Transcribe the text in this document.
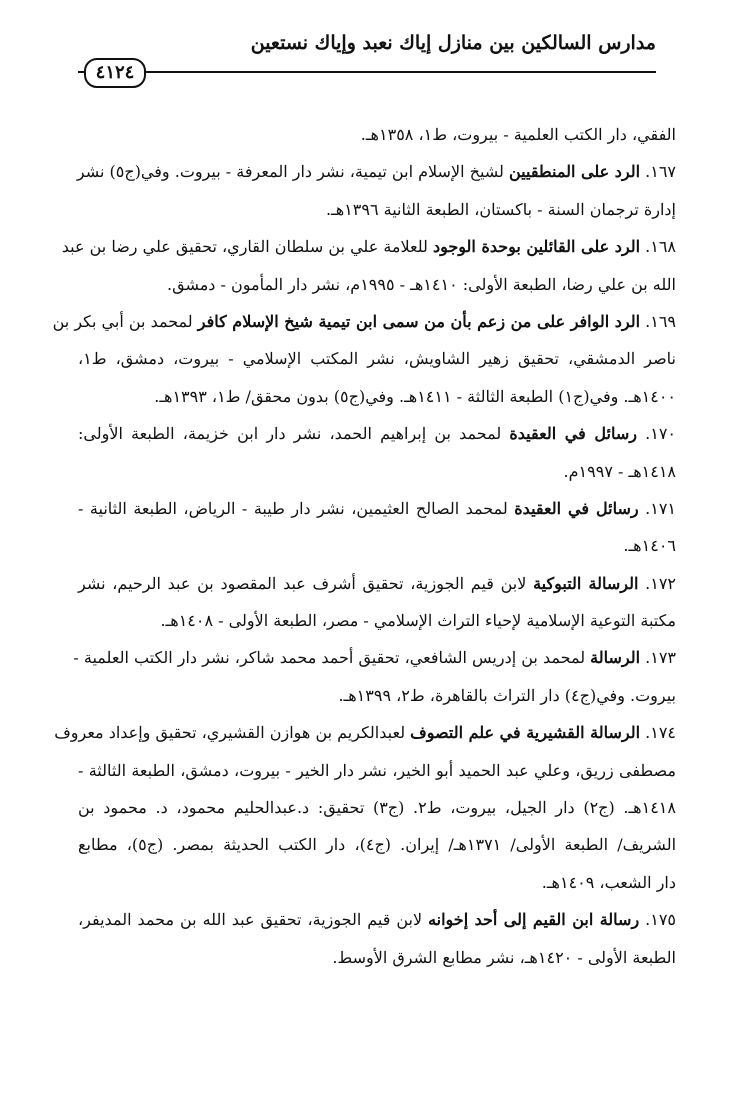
مدارس السالكين بين منازل إياك نعبد وإياك نستعين
٤١٢٤
الفقي، دار الكتب العلمية - بيروت، ط١، ١٣٥٨هـ.
١٦٧. الرد على المنطقيين لشيخ الإسلام ابن تيمية، نشر دار المعرفة - بيروت. وفي(ج٥) نشر
إدارة ترجمان السنة - باكستان، الطبعة الثانية ١٣٩٦هـ.
١٦٨. الرد على القائلين بوحدة الوجود للعلامة علي بن سلطان القاري، تحقيق علي رضا بن عبد
الله بن علي رضا، الطبعة الأولى: ١٤١٠هـ - ١٩٩٥م، نشر دار المأمون - دمشق.
١٦٩. الرد الوافر على من زعم بأن من سمى ابن تيمية شيخ الإسلام كافر لمحمد بن أبي بكر بن
ناصر الدمشقي، تحقيق زهير الشاويش، نشر المكتب الإسلامي - بيروت، دمشق، ط١،
١٤٠٠هـ. وفي(ج١) الطبعة الثالثة - ١٤١١هـ. وفي(ج٥) بدون محقق/ ط١، ١٣٩٣هـ.
١٧٠. رسائل في العقيدة لمحمد بن إبراهيم الحمد، نشر دار ابن خزيمة، الطبعة الأولى:
١٤١٨هـ - ١٩٩٧م.
١٧١. رسائل في العقيدة لمحمد الصالح العثيمين، نشر دار طيبة - الرياض، الطبعة الثانية -
١٤٠٦هـ.
١٧٢. الرسالة التبوكية لابن قيم الجوزية، تحقيق أشرف عبد المقصود بن عبد الرحيم، نشر
مكتبة التوعية الإسلامية لإحياء التراث الإسلامي - مصر، الطبعة الأولى - ١٤٠٨هـ.
١٧٣. الرسالة لمحمد بن إدريس الشافعي، تحقيق أحمد محمد شاكر، نشر دار الكتب العلمية -
بيروت. وفي(ج٤) دار التراث بالقاهرة، ط٢، ١٣٩٩هـ.
١٧٤. الرسالة القشيرية في علم التصوف لعبدالكريم بن هوازن القشيري، تحقيق وإعداد معروف
مصطفى زريق، وعلي عبد الحميد أبو الخير، نشر دار الخير - بيروت، دمشق، الطبعة الثالثة -
١٤١٨هـ. (ج٢) دار الجيل، بيروت، ط٢. (ج٣) تحقيق: د.عبدالحليم محمود، د. محمود بن
الشريف/ الطبعة الأولى/ ١٣٧١هـ/ إيران. (ج٤)، دار الكتب الحديثة بمصر. (ج٥)، مطابع
دار الشعب، ١٤٠٩هـ.
١٧٥. رسالة ابن القيم إلى أحد إخوانه لابن قيم الجوزية، تحقيق عبد الله بن محمد المديفر،
الطبعة الأولى - ١٤٢٠هـ، نشر مطابع الشرق الأوسط.
